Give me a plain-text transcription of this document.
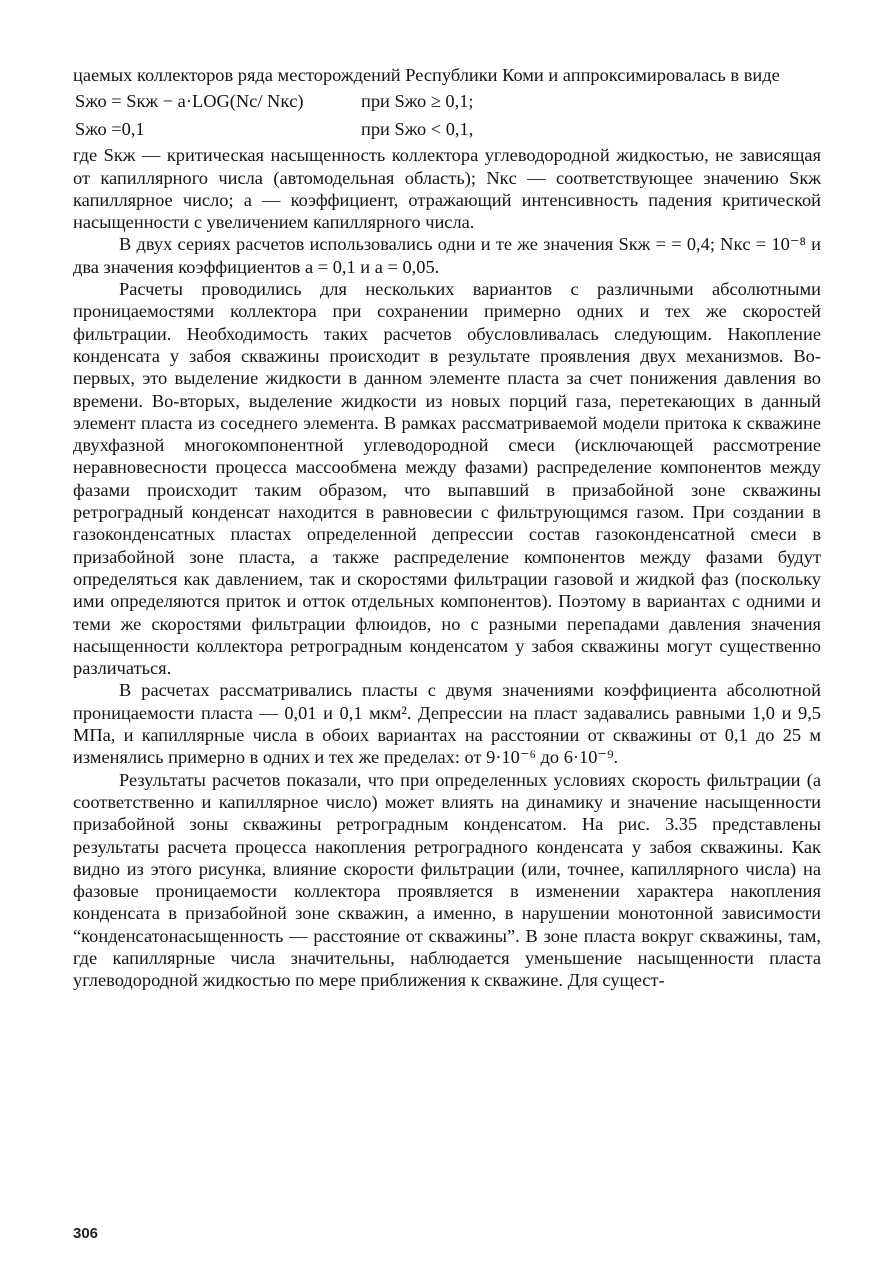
цаемых коллекторов ряда месторождений Республики Коми и аппроксимировалась в виде

Sжо = Sкж − a·LOG(Nc/ Nкc)	при Sжо ≥ 0,1;
Sжо =0,1	при Sжо < 0,1,

где Sкж — критическая насыщенность коллектора углеводородной жидкостью, не зависящая от капиллярного числа (автомодельная область); Nкc — соответствующее значению Sкж капиллярное число; a — коэффициент, отражающий интенсивность падения критической насыщенности с увеличением капиллярного числа.

В двух сериях расчетов использовались одни и те же значения Sкж = = 0,4; Nкc = 10⁻⁸ и два значения коэффициентов a = 0,1 и a = 0,05.

Расчеты проводились для нескольких вариантов с различными абсолютными проницаемостями коллектора при сохранении примерно одних и тех же скоростей фильтрации. Необходимость таких расчетов обусловливалась следующим. Накопление конденсата у забоя скважины происходит в результате проявления двух механизмов. Во-первых, это выделение жидкости в данном элементе пласта за счет понижения давления во времени. Во-вторых, выделение жидкости из новых порций газа, перетекающих в данный элемент пласта из соседнего элемента. В рамках рассматриваемой модели притока к скважине двухфазной многокомпонентной углеводородной смеси (исключающей рассмотрение неравновесности процесса массообмена между фазами) распределение компонентов между фазами происходит таким образом, что выпавший в призабойной зоне скважины ретроградный конденсат находится в равновесии с фильтрующимся газом. При создании в газоконденсатных пластах определенной депрессии состав газоконденсатной смеси в призабойной зоне пласта, а также распределение компонентов между фазами будут определяться как давлением, так и скоростями фильтрации газовой и жидкой фаз (поскольку ими определяются приток и отток отдельных компонентов). Поэтому в вариантах с одними и теми же скоростями фильтрации флюидов, но с разными перепадами давления значения насыщенности коллектора ретроградным конденсатом у забоя скважины могут существенно различаться.

В расчетах рассматривались пласты с двумя значениями коэффициента абсолютной проницаемости пласта — 0,01 и 0,1 мкм². Депрессии на пласт задавались равными 1,0 и 9,5 МПа, и капиллярные числа в обоих вариантах на расстоянии от скважины от 0,1 до 25 м изменялись примерно в одних и тех же пределах: от 9·10⁻⁶ до 6·10⁻⁹.

Результаты расчетов показали, что при определенных условиях скорость фильтрации (а соответственно и капиллярное число) может влиять на динамику и значение насыщенности призабойной зоны скважины ретроградным конденсатом. На рис. 3.35 представлены результаты расчета процесса накопления ретроградного конденсата у забоя скважины. Как видно из этого рисунка, влияние скорости фильтрации (или, точнее, капиллярного числа) на фазовые проницаемости коллектора проявляется в изменении характера накопления конденсата в призабойной зоне скважин, а именно, в нарушении монотонной зависимости “конденсатонасыщенность — расстояние от скважины”. В зоне пласта вокруг скважины, там, где капиллярные числа значительны, наблюдается уменьшение насыщенности пласта углеводородной жидкостью по мере приближения к скважине. Для сущест-

306
